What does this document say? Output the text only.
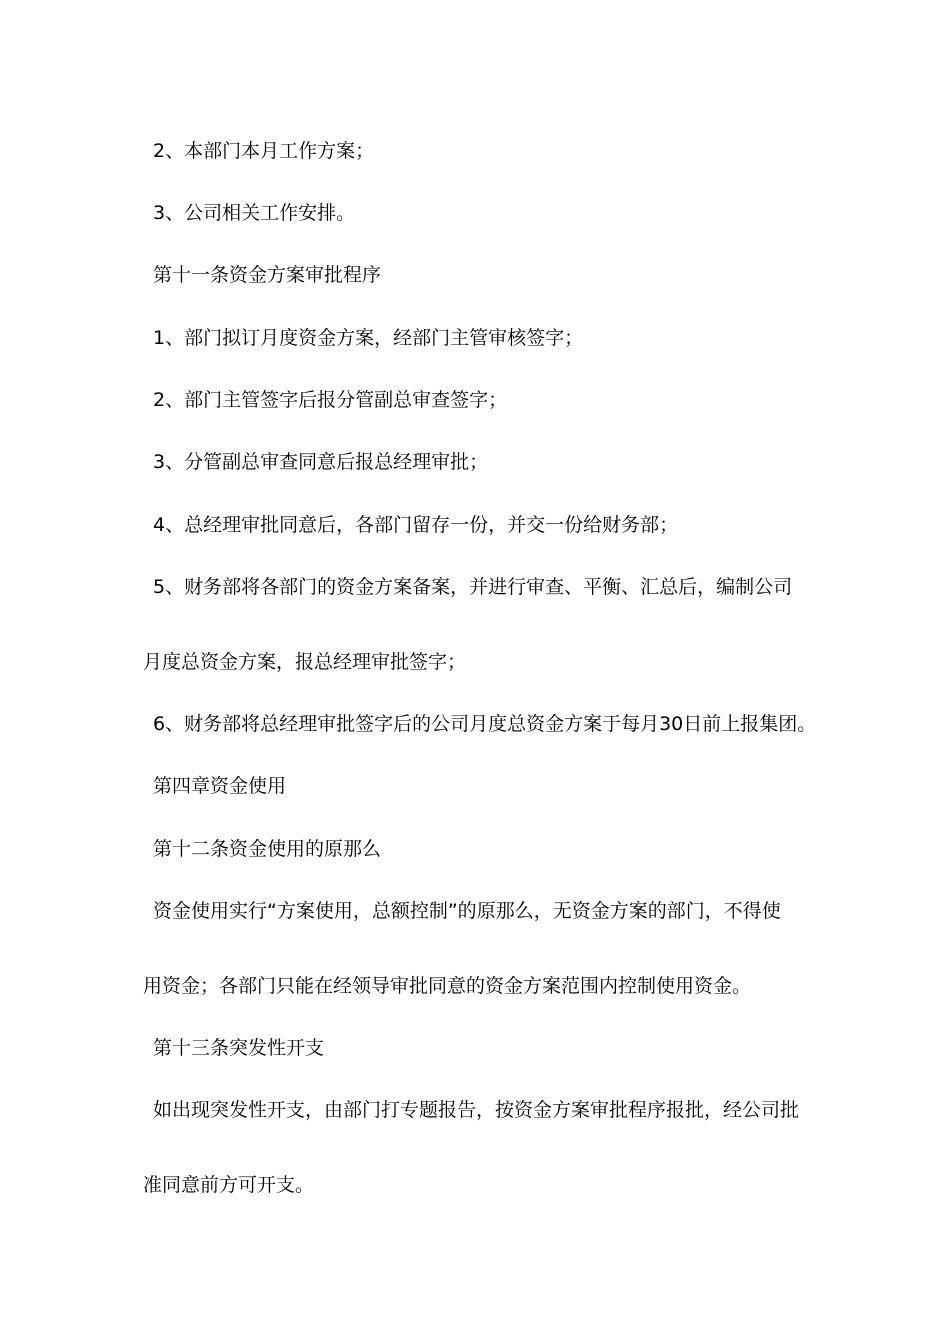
2、本部门本月工作方案；
3、公司相关工作安排。
第十一条资金方案审批程序
1、部门拟订月度资金方案，经部门主管审核签字；
2、部门主管签字后报分管副总审查签字；
3、分管副总审查同意后报总经理审批；
4、总经理审批同意后，各部门留存一份，并交一份给财务部；
5、财务部将各部门的资金方案备案，并进行审查、平衡、汇总后，编制公司
月度总资金方案，报总经理审批签字；
6、财务部将总经理审批签字后的公司月度总资金方案于每月30日前上报集团。
第四章资金使用
第十二条资金使用的原那么
资金使用实行“方案使用，总额控制”的原那么，无资金方案的部门，不得使
用资金；各部门只能在经领导审批同意的资金方案范围内控制使用资金。
第十三条突发性开支
如出现突发性开支，由部门打专题报告，按资金方案审批程序报批，经公司批
准同意前方可开支。
